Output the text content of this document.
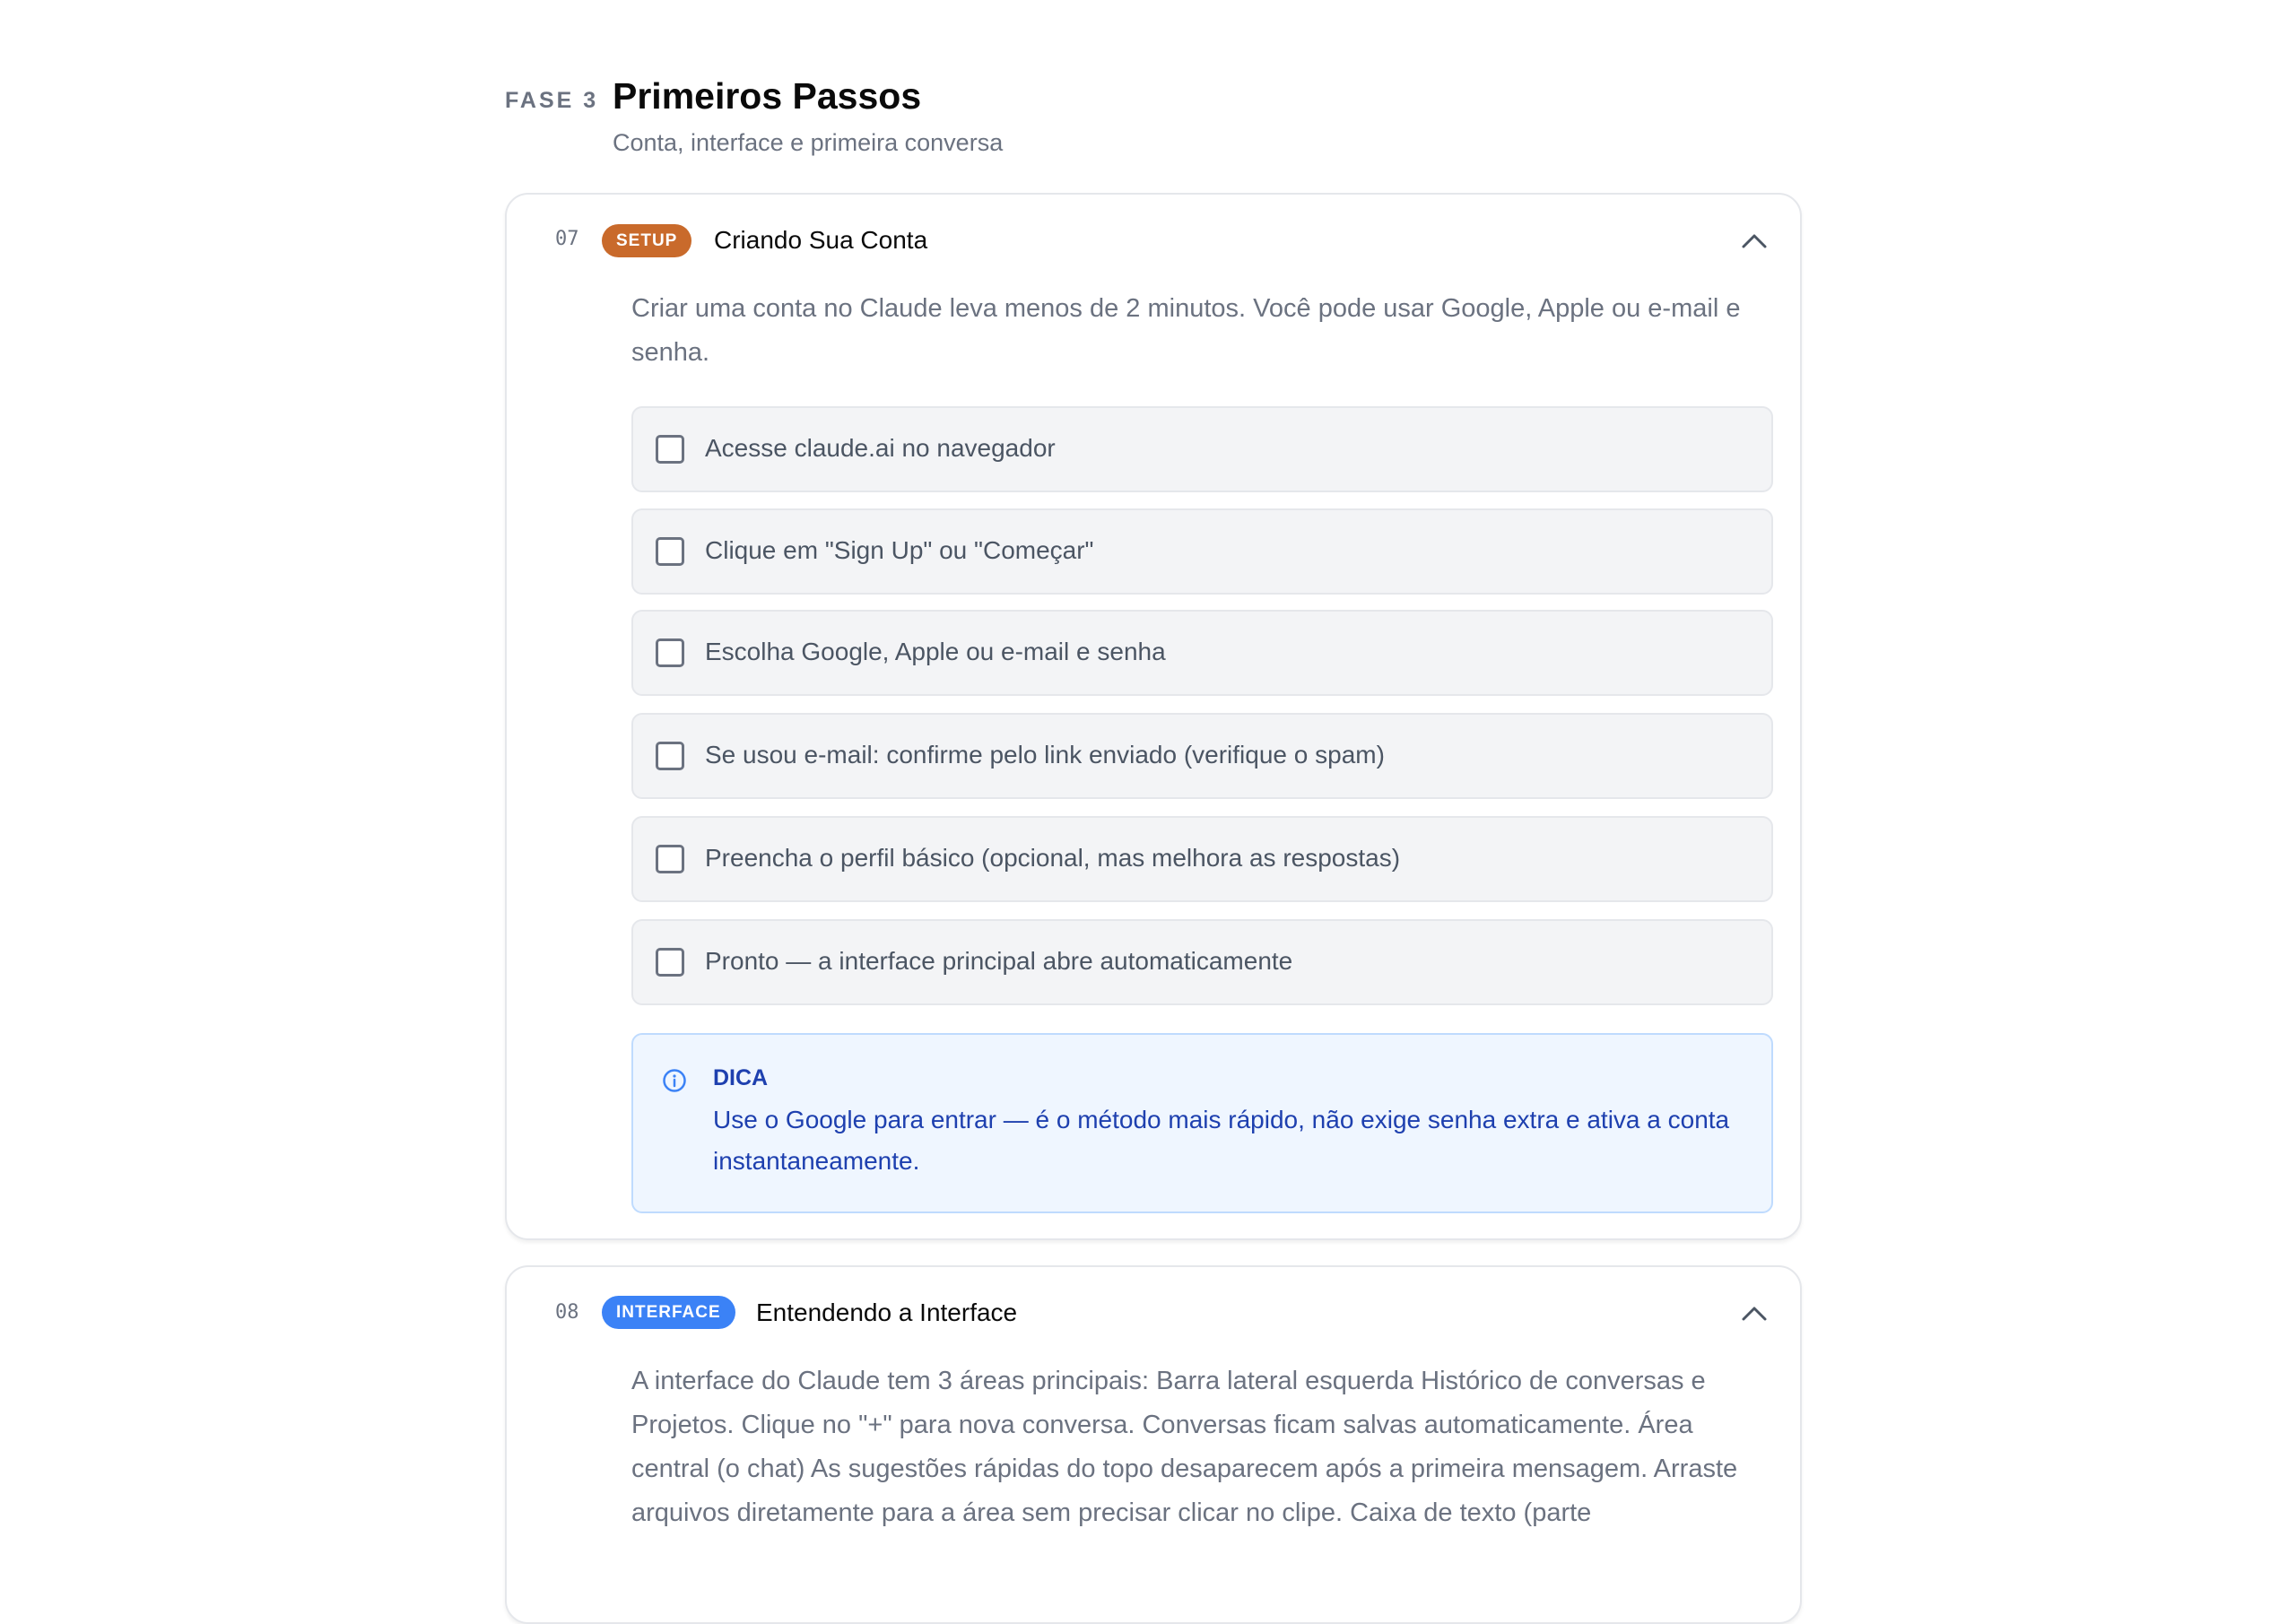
FASE 3 Primeiros Passos
Conta, interface e primeira conversa
07	SETUP	Criando Sua Conta
Criar uma conta no Claude leva menos de 2 minutos. Você pode usar Google, Apple ou e-mail e senha.
Acesse claude.ai no navegador
Clique em "Sign Up" ou "Começar"
Escolha Google, Apple ou e-mail e senha
Se usou e-mail: confirme pelo link enviado (verifique o spam)
Preencha o perfil básico (opcional, mas melhora as respostas)
Pronto — a interface principal abre automaticamente
DICA
Use o Google para entrar — é o método mais rápido, não exige senha extra e ativa a conta instantaneamente.
08	INTERFACE	Entendendo a Interface
A interface do Claude tem 3 áreas principais: Barra lateral esquerda Histórico de conversas e Projetos. Clique no "+" para nova conversa. Conversas ficam salvas automaticamente. Área central (o chat) As sugestões rápidas do topo desaparecem após a primeira mensagem. Arraste arquivos diretamente para a área sem precisar clicar no clipe. Caixa de texto (parte
